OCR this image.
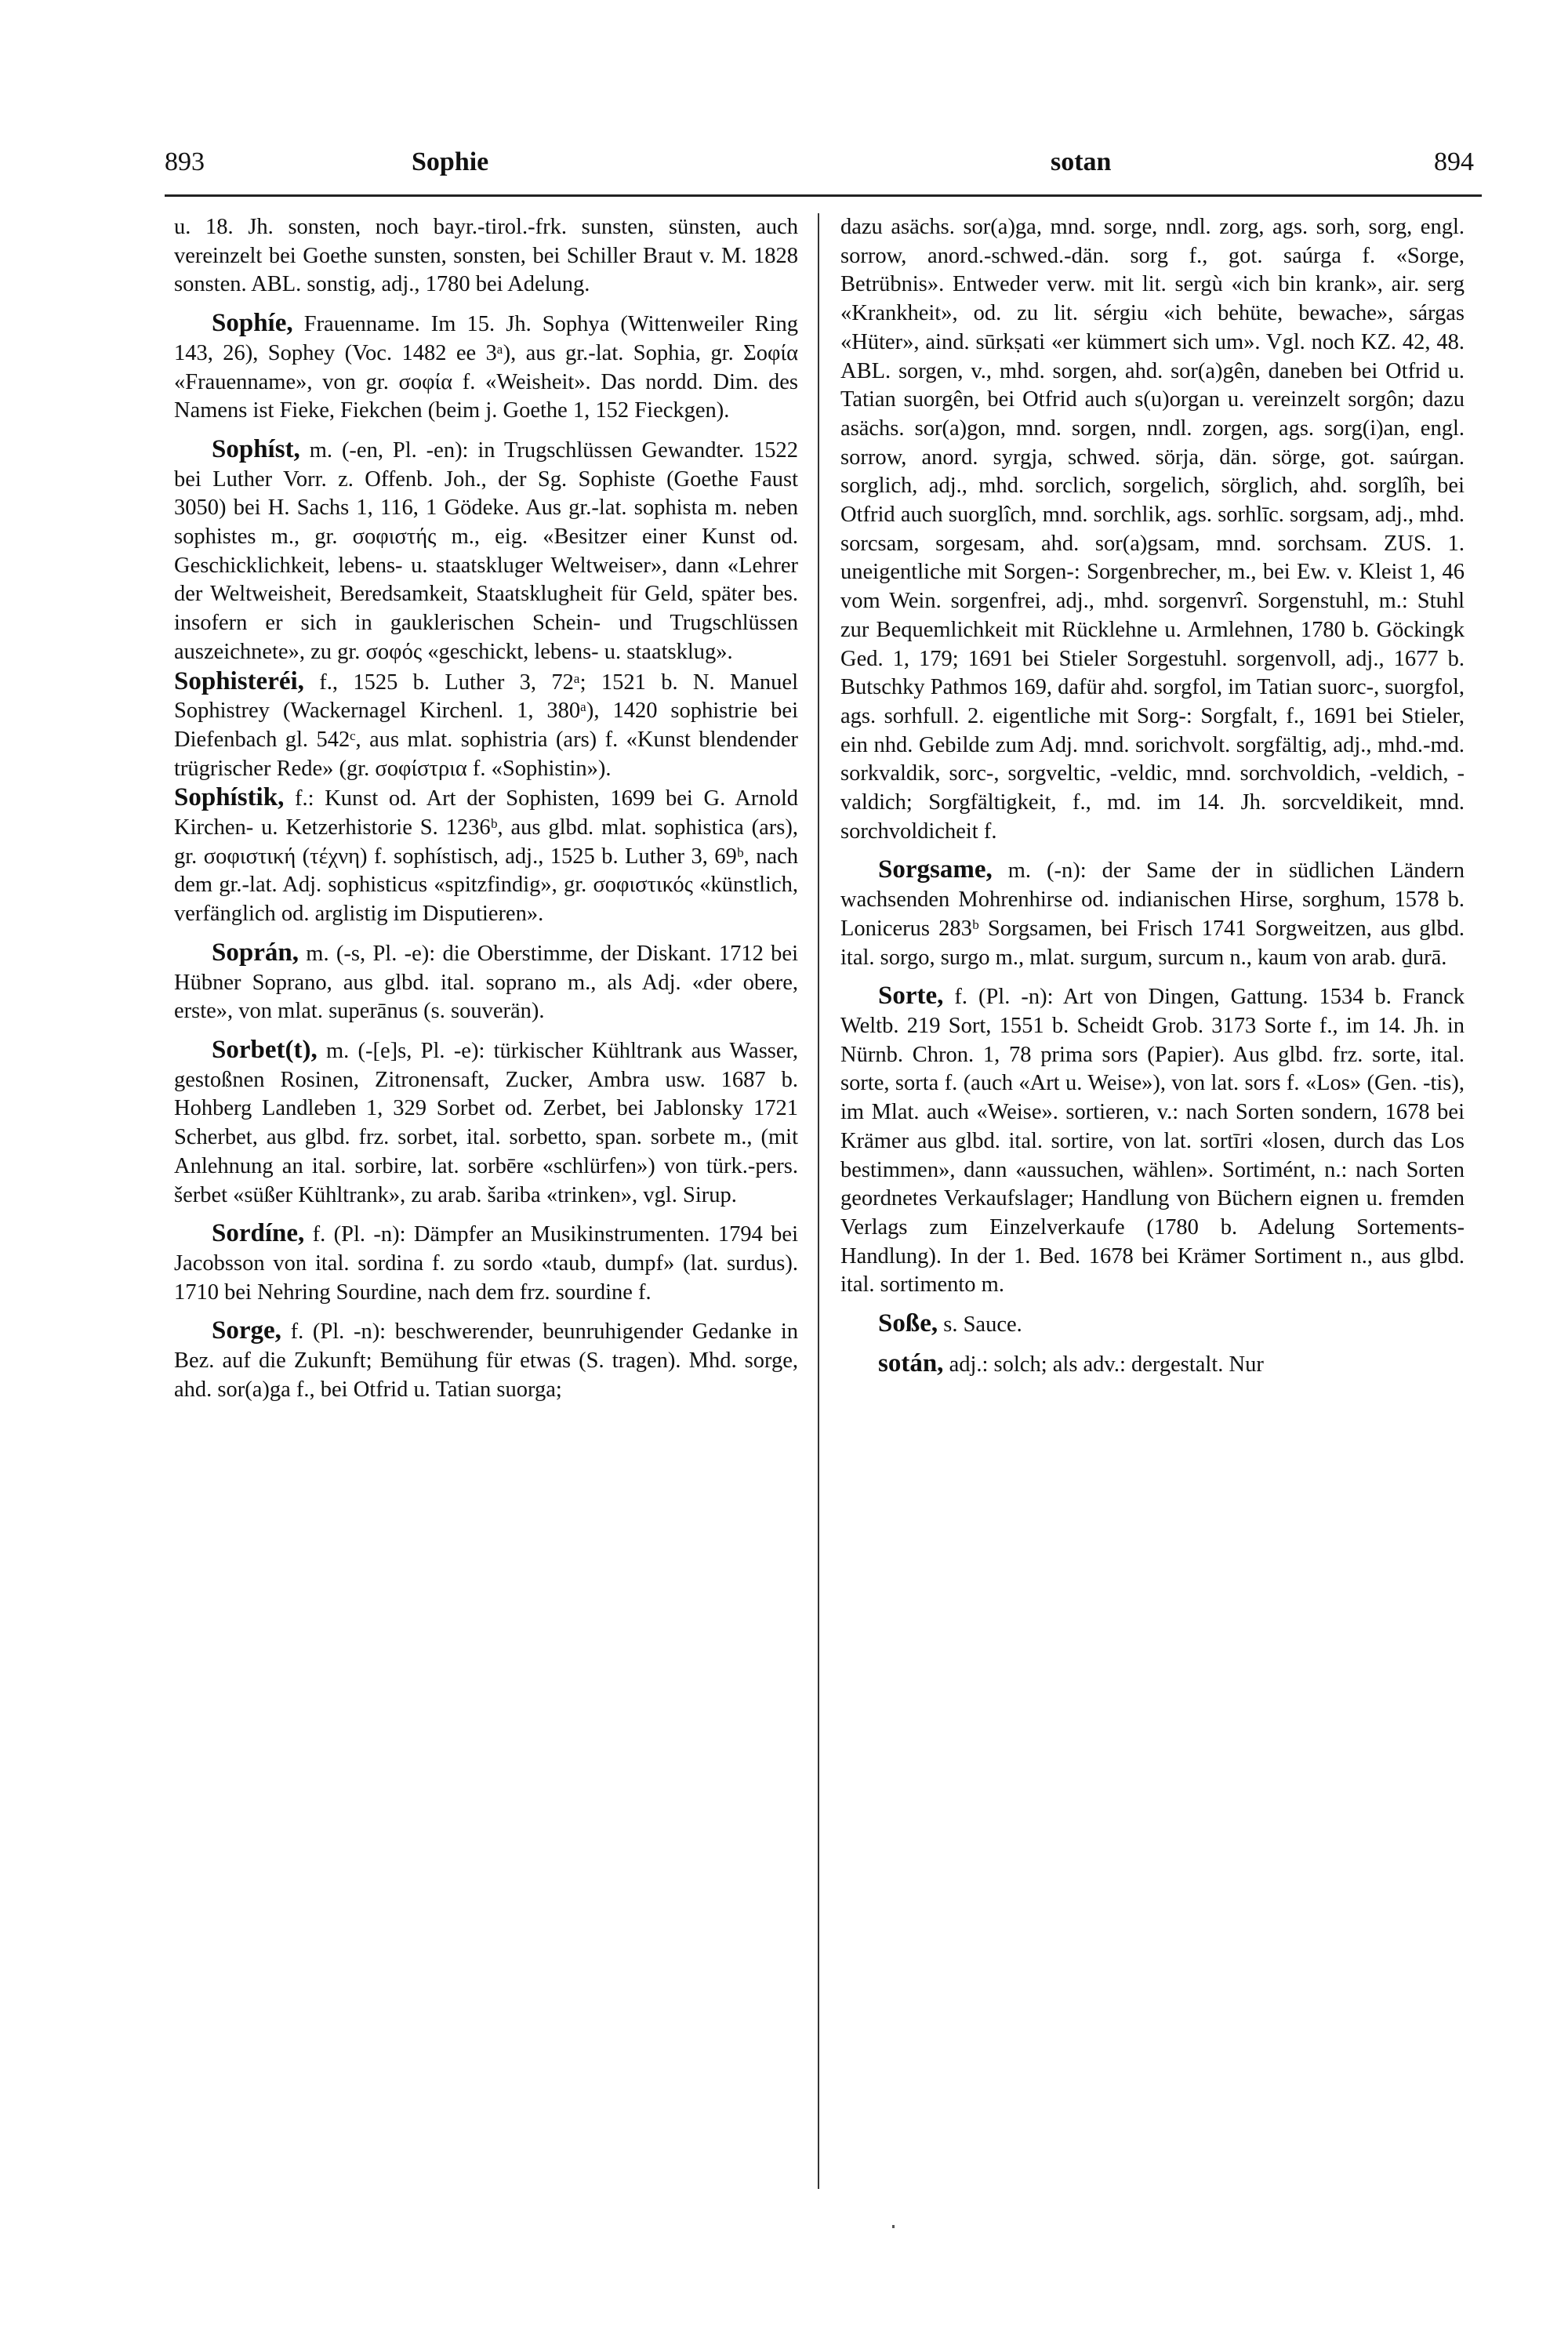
893	Sophie	sotan	894

u. 18. Jh. sonsten, noch bayr.-tirol.-frk. sunsten, sünsten, auch vereinzelt bei Goethe sunsten, sonsten, bei Schiller Braut v. M. 1828 sonsten. ABL. sonstig, adj., 1780 bei Adelung.

Sophíe, Frauenname. Im 15. Jh. Sophya (Wittenweiler Ring 143, 26), Sophey (Voc. 1482 ee 3ᵃ), aus gr.-lat. Sophia, gr. Σοφία «Frauenname», von gr. σοφία f. «Weisheit». Das nordd. Dim. des Namens ist Fieke, Fiekchen (beim j. Goethe 1, 152 Fieckgen).

Sophíst, m. (-en, Pl. -en): in Trugschlüssen Gewandter. 1522 bei Luther Vorr. z. Offenb. Joh., der Sg. Sophiste (Goethe Faust 3050) bei H. Sachs 1, 116, 1 Gödeke. Aus gr.-lat. sophista m. neben sophistes m., gr. σοφιστής m., eig. «Besitzer einer Kunst od. Geschicklichkeit, lebens- u. staatskluger Weltweiser», dann «Lehrer der Weltweisheit, Beredsamkeit, Staatsklugheit für Geld, später bes. insofern er sich in gauklerischen Schein- und Trugschlüssen auszeichnete», zu gr. σοφός «geschickt, lebens- u. staatsklug».

Sophisteréi, f., 1525 b. Luther 3, 72ᵃ; 1521 b. N. Manuel Sophistrey (Wackernagel Kirchenl. 1, 380ᵃ), 1420 sophistrie bei Diefenbach gl. 542ᶜ, aus mlat. sophistria (ars) f. «Kunst blendender trügrischer Rede» (gr. σοφίστρια f. «Sophistin»).

Sophístik, f.: Kunst od. Art der Sophisten, 1699 bei G. Arnold Kirchen- u. Ketzerhistorie S. 1236ᵇ, aus glbd. mlat. sophistica (ars), gr. σοφιστική (τέχνη) f. sophístisch, adj., 1525 b. Luther 3, 69ᵇ, nach dem gr.-lat. Adj. sophisticus «spitzfindig», gr. σοφιστικός «künstlich, verfänglich od. arglistig im Disputieren».

Soprán, m. (-s, Pl. -e): die Oberstimme, der Diskant. 1712 bei Hübner Soprano, aus glbd. ital. soprano m., als Adj. «der obere, erste», von mlat. superānus (s. souverän).

Sorbet(t), m. (-[e]s, Pl. -e): türkischer Kühltrank aus Wasser, gestoßnen Rosinen, Zitronensaft, Zucker, Ambra usw. 1687 b. Hohberg Landleben 1, 329 Sorbet od. Zerbet, bei Jablonsky 1721 Scherbet, aus glbd. frz. sorbet, ital. sorbetto, span. sorbete m., (mit Anlehnung an ital. sorbire, lat. sorbēre «schlürfen») von türk.-pers. šerbet «süßer Kühltrank», zu arab. šariba «trinken», vgl. Sirup.

Sordíne, f. (Pl. -n): Dämpfer an Musikinstrumenten. 1794 bei Jacobsson von ital. sordina f. zu sordo «taub, dumpf» (lat. surdus). 1710 bei Nehring Sourdine, nach dem frz. sourdine f.

Sorge, f. (Pl. -n): beschwerender, beunruhigender Gedanke in Bez. auf die Zukunft; Bemühung für etwas (S. tragen). Mhd. sorge, ahd. sor(a)ga f., bei Otfrid u. Tatian suorga;

dazu asächs. sor(a)ga, mnd. sorge, nndl. zorg, ags. sorh, sorg, engl. sorrow, anord.-schwed.-dän. sorg f., got. saúrga f. «Sorge, Betrübnis». Entweder verw. mit lit. sergù «ich bin krank», air. serg «Krankheit», od. zu lit. sérgiu «ich behüte, bewache», sárgas «Hüter», aind. sūrkṣati «er kümmert sich um». Vgl. noch KZ. 42, 48. ABL. sorgen, v., mhd. sorgen, ahd. sor(a)gên, daneben bei Otfrid u. Tatian suorgên, bei Otfrid auch s(u)organ u. vereinzelt sorgôn; dazu asächs. sor(a)gon, mnd. sorgen, nndl. zorgen, ags. sorg(i)an, engl. sorrow, anord. syrgja, schwed. sörja, dän. sörge, got. saúrgan. sorglich, adj., mhd. sorclich, sorgelich, sörglich, ahd. sorglîh, bei Otfrid auch suorglîch, mnd. sorchlik, ags. sorhlīc. sorgsam, adj., mhd. sorcsam, sorgesam, ahd. sor(a)gsam, mnd. sorchsam. ZUS. 1. uneigentliche mit Sorgen-: Sorgenbrecher, m., bei Ew. v. Kleist 1, 46 vom Wein. sorgenfrei, adj., mhd. sorgenvrî. Sorgenstuhl, m.: Stuhl zur Bequemlichkeit mit Rücklehne u. Armlehnen, 1780 b. Göckingk Ged. 1, 179; 1691 bei Stieler Sorgestuhl. sorgenvoll, adj., 1677 b. Butschky Pathmos 169, dafür ahd. sorgfol, im Tatian suorc-, suorgfol, ags. sorhfull. 2. eigentliche mit Sorg-: Sorgfalt, f., 1691 bei Stieler, ein nhd. Gebilde zum Adj. mnd. sorichvolt. sorgfältig, adj., mhd.-md. sorkvaldik, sorc-, sorgveltic, -veldic, mnd. sorchvoldich, -veldich, -valdich; Sorgfältigkeit, f., md. im 14. Jh. sorcveldikeit, mnd. sorchvoldicheit f.

Sorgsame, m. (-n): der Same der in südlichen Ländern wachsenden Mohrenhirse od. indianischen Hirse, sorghum, 1578 b. Lonicerus 283ᵇ Sorgsamen, bei Frisch 1741 Sorgweitzen, aus glbd. ital. sorgo, surgo m., mlat. surgum, surcum n., kaum von arab. ḏurā.

Sorte, f. (Pl. -n): Art von Dingen, Gattung. 1534 b. Franck Weltb. 219 Sort, 1551 b. Scheidt Grob. 3173 Sorte f., im 14. Jh. in Nürnb. Chron. 1, 78 prima sors (Papier). Aus glbd. frz. sorte, ital. sorte, sorta f. (auch «Art u. Weise»), von lat. sors f. «Los» (Gen. -tis), im Mlat. auch «Weise». sortieren, v.: nach Sorten sondern, 1678 bei Krämer aus glbd. ital. sortire, von lat. sortīri «losen, durch das Los bestimmen», dann «aussuchen, wählen». Sortimént, n.: nach Sorten geordnetes Verkaufslager; Handlung von Büchern eignen u. fremden Verlags zum Einzelverkaufe (1780 b. Adelung Sortements-Handlung). In der 1. Bed. 1678 bei Krämer Sortiment n., aus glbd. ital. sortimento m.

Soße, s. Sauce.

sotán, adj.: solch; als adv.: dergestalt. Nur
